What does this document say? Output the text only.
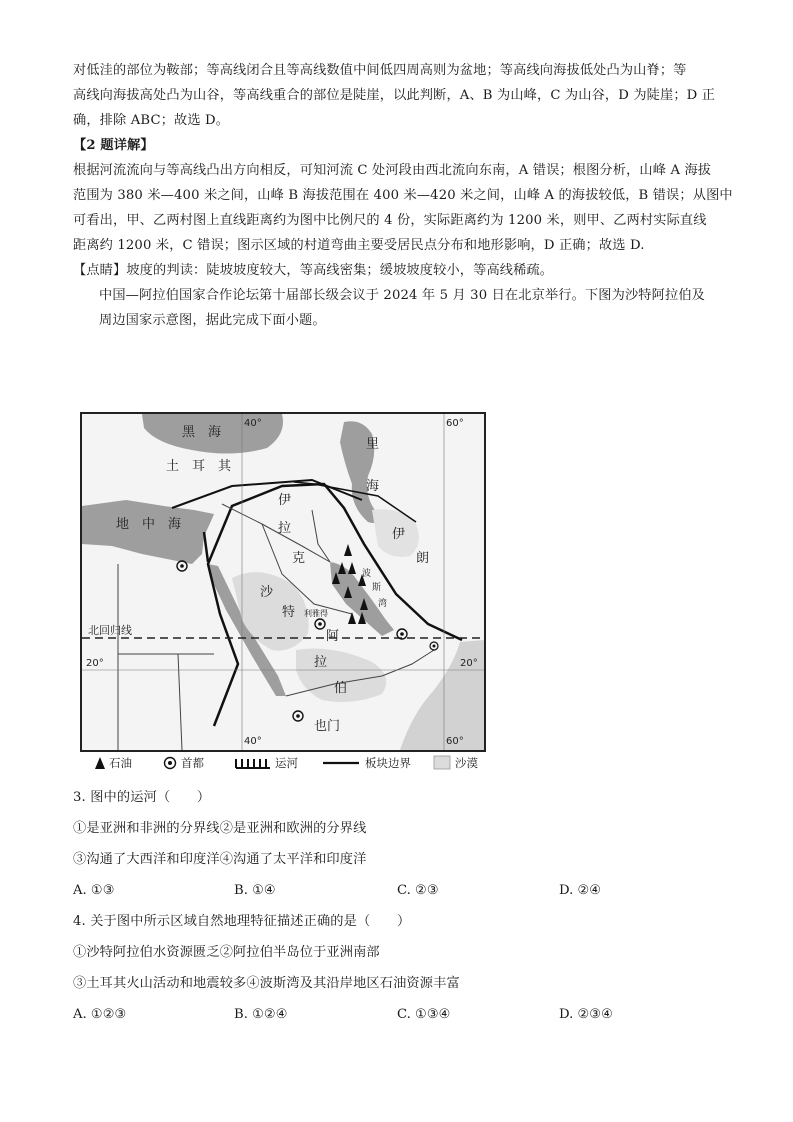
对低洼的部位为鞍部；等高线闭合且等高线数值中间低四周高则为盆地；等高线向海拔低处凸为山脊；等
高线向海拔高处凸为山谷，等高线重合的部位是陡崖，以此判断，A、B 为山峰，C 为山谷，D 为陡崖；D 正
确，排除 ABC；故选 D。
【2 题详解】
根据河流流向与等高线凸出方向相反，可知河流 C 处河段由西北流向东南，A 错误；根图分析，山峰 A 海拔
范围为 380 米—400 米之间，山峰 B 海拔范围在 400 米—420 米之间，山峰 A 的海拔较低，B 错误；从图中
可看出，甲、乙两村图上直线距离约为图中比例尺的 4 份，实际距离约为 1200 米，则甲、乙两村实际直线
距离约 1200 米，C 错误；图示区域的村道弯曲主要受居民点分布和地形影响，D 正确；故选 D.
【点睛】坡度的判读：陡坡坡度较大，等高线密集；缓坡坡度较小，等高线稀疏。
中国—阿拉伯国家合作论坛第十届部长级会议于 2024 年 5 月 30 日在北京举行。下图为沙特阿拉伯及
周边国家示意图，据此完成下面小题。
黑　海
土　耳　其
里
海
地　中　海
伊
拉
克
伊
朗
沙
特 利雅得
阿
拉
伯
也门
波
斯
湾
北回归线
40°	60°
40°	60°
20°	20°
石油	首都	运河	板块边界	沙漠
3. 图中的运河（　　）
①是亚洲和非洲的分界线②是亚洲和欧洲的分界线
③沟通了大西洋和印度洋④沟通了太平洋和印度洋
A. ①③	B. ①④	C. ②③	D. ②④
4. 关于图中所示区域自然地理特征描述正确的是（　　）
①沙特阿拉伯水资源匮乏②阿拉伯半岛位于亚洲南部
③土耳其火山活动和地震较多④波斯湾及其沿岸地区石油资源丰富
A. ①②③	B. ①②④	C. ①③④	D. ②③④
